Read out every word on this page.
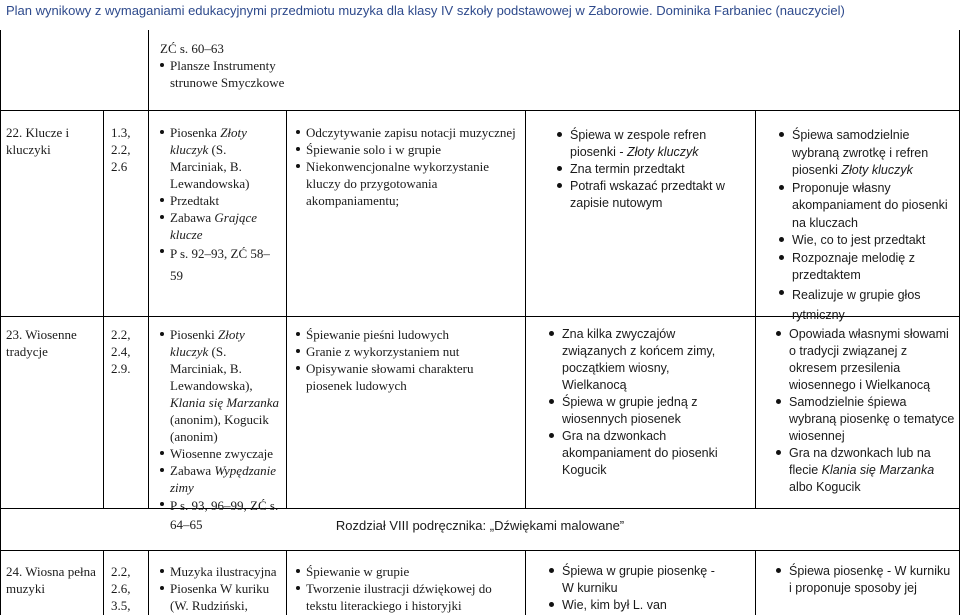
Plan wynikowy z wymaganiami edukacyjnymi przedmiotu muzyka dla klasy IV szkoły podstawowej w Zaborowie. Dominika Farbaniec (nauczyciel)
ZĆ s. 60–63
Plansze Instrumenty strunowe Smyczkowe
22. Klucze i kluczyki
1.3, 2.2, 2.6
Piosenka Złoty kluczyk (S. Marciniak, B. Lewandowska)
Przedtakt
Zabawa Grające klucze
P s. 92–93, ZĆ 58–59
Odczytywanie zapisu notacji muzycznej
Śpiewanie solo i w grupie
Niekonwencjonalne wykorzystanie kluczy do przygotowania akompaniamentu;
Śpiewa w zespole refren piosenki - Złoty kluczyk
Zna termin przedtakt
Potrafi wskazać przedtakt w zapisie nutowym
Śpiewa samodzielnie wybraną zwrotkę i refren piosenki Złoty kluczyk
Proponuje własny akompaniament do piosenki na kluczach
Wie, co to jest przedtakt
Rozpoznaje melodię z przedtaktem
Realizuje w grupie głos rytmiczny
23. Wiosenne tradycje
2.2, 2.4, 2.9.
Piosenki Złoty kluczyk (S. Marciniak, B. Lewandowska), Klania się Marzanka (anonim), Kogucik (anonim)
Wiosenne zwyczaje
Zabawa Wypędzanie zimy
P s. 93, 96–99, ZĆ s. 64–65
Śpiewanie pieśni ludowych
Granie z wykorzystaniem nut
Opisywanie słowami charakteru piosenek ludowych
Zna kilka zwyczajów związanych z końcem zimy, początkiem wiosny, Wielkanocą
Śpiewa w grupie jedną z wiosennych piosenek
Gra na dzwonkach akompaniament do piosenki Kogucik
Opowiada własnymi słowami o tradycji związanej z okresem przesilenia wiosennego i Wielkanocą
Samodzielnie śpiewa wybraną piosenkę o tematyce wiosennej
Gra na dzwonkach lub na flecie Klania się Marzanka albo Kogucik
Rozdział VIII podręcznika: „Dźwiękami malowane”
24. Wiosna pełna muzyki
2.2, 2.6, 3.5,
Muzyka ilustracyjna
Piosenka W kuriku (W. Rudziński,
Śpiewanie w grupie
Tworzenie ilustracji dźwiękowej do tekstu literackiego i historyjki
Śpiewa w grupie piosenkę - W kurniku
Wie, kim był L. van
Śpiewa piosenkę - W kurniku i proponuje sposoby jej
